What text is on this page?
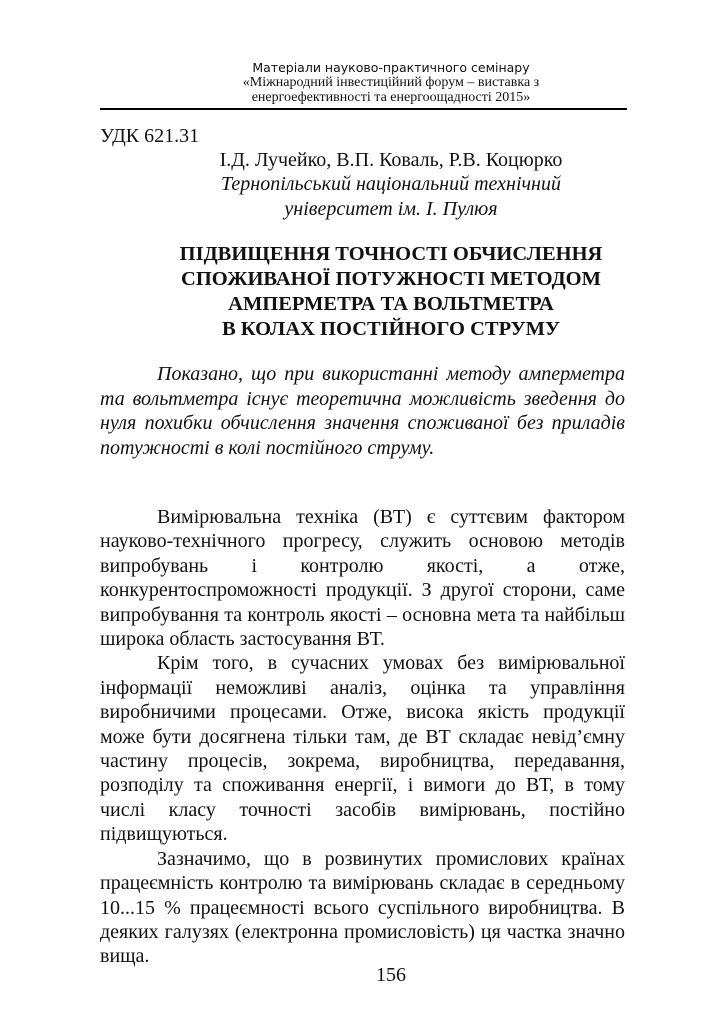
Матеріали науково-практичного семінару
«Міжнародний інвестиційний форум – виставка з
енергоефективності та енергоощадності 2015»
УДК 621.31
І.Д. Лучейко, В.П. Коваль, Р.В. Коцюрко
Тернопільський національний технічний
університет ім. І. Пулюя
ПІДВИЩЕННЯ ТОЧНОСТІ ОБЧИСЛЕННЯ
СПОЖИВАНОЇ ПОТУЖНОСТІ МЕТОДОМ
АМПЕРМЕТРА ТА ВОЛЬТМЕТРА
В КОЛАХ ПОСТІЙНОГО СТРУМУ
Показано, що при використанні методу амперметра та вольтметра існує теоретична можливість зведення до нуля похибки обчислення значення споживаної без приладів потужності в колі постійного струму.

Вимірювальна техніка (ВТ) є суттєвим фактором науково-технічного прогресу, служить основою методів випробувань і контролю якості, а отже, конкурентоспроможності продукції. З другої сторони, саме випробування та контроль якості – основна мета та найбільш широка область застосування ВТ.

Крім того, в сучасних умовах без вимірювальної інформації неможливі аналіз, оцінка та управління виробничими процесами. Отже, висока якість продукції може бути досягнена тільки там, де ВТ складає невід’ємну частину процесів, зокрема, виробництва, передавання, розподілу та споживання енергії, і вимоги до ВТ, в тому числі класу точності засобів вимірювань, постійно підвищуються.

Зазначимо, що в розвинутих промислових країнах працеємність контролю та вимірювань складає в середньому 10...15 % працеємності всього суспільного виробництва. В деяких галузях (електронна промисловість) ця частка значно вища.

156
